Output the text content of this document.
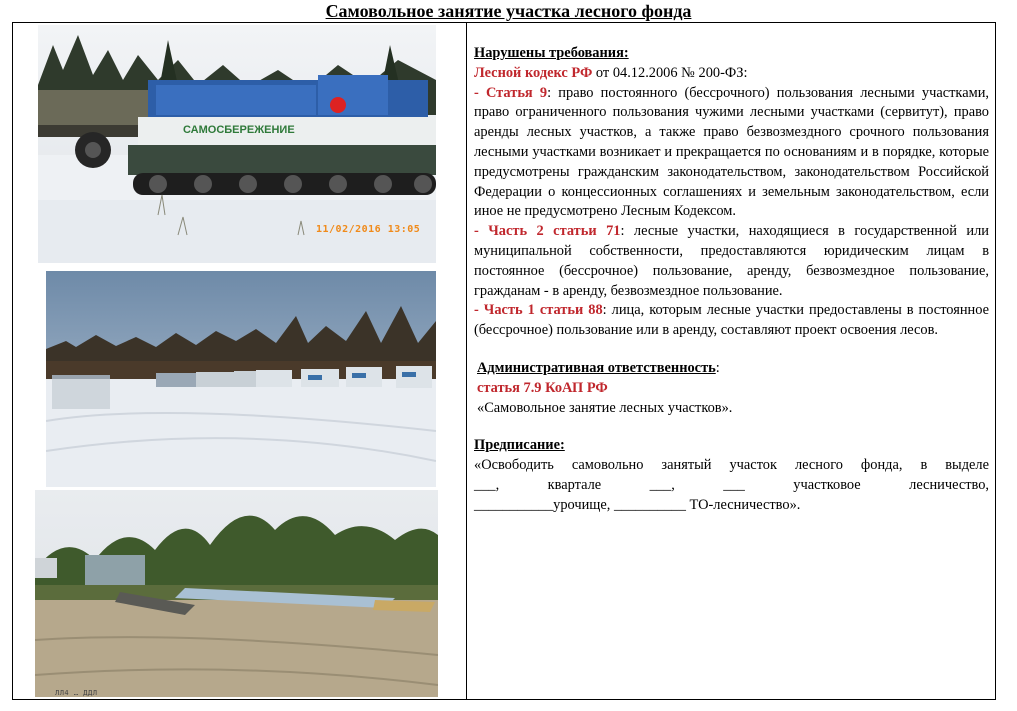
Самовольное занятие участка лесного фонда
САМОСБЕРЕЖЕНИЕ
11/02/2016 13:05
ЛЛ4 … ДДЛ

Нарушены требования:
Лесной кодекс РФ от 04.12.2006 № 200-ФЗ:

- Статья 9: право постоянного (бессрочного) пользования лесными участками, право ограниченного пользования чужими лесными участками (сервитут), право аренды лесных участков, а также право безвозмездного срочного пользования лесными участками возникает и прекращается по основаниям и в порядке, которые предусмотрены гражданским законодательством, законодательством Российской Федерации о концессионных соглашениях и земельным законодательством, если иное не предусмотрено Лесным Кодексом.

- Часть 2 статьи 71: лесные участки, находящиеся в государственной или муниципальной собственности, предоставляются юридическим лицам в постоянное (бессрочное) пользование, аренду, безвозмездное пользование, гражданам - в аренду, безвозмездное пользование.

- Часть 1 статьи 88: лица, которым лесные участки предоставлены в постоянное (бессрочное) пользование или в аренду, составляют проект освоения лесов.

Административная ответственность:
статья 7.9 КоАП РФ
«Самовольное занятие лесных участков».

Предписание:

«Освободить самовольно занятый участок лесного фонда, в выделе

___, квартале ___, ___ участковое лесничество,

___________урочище, __________ ТО-лесничество».
